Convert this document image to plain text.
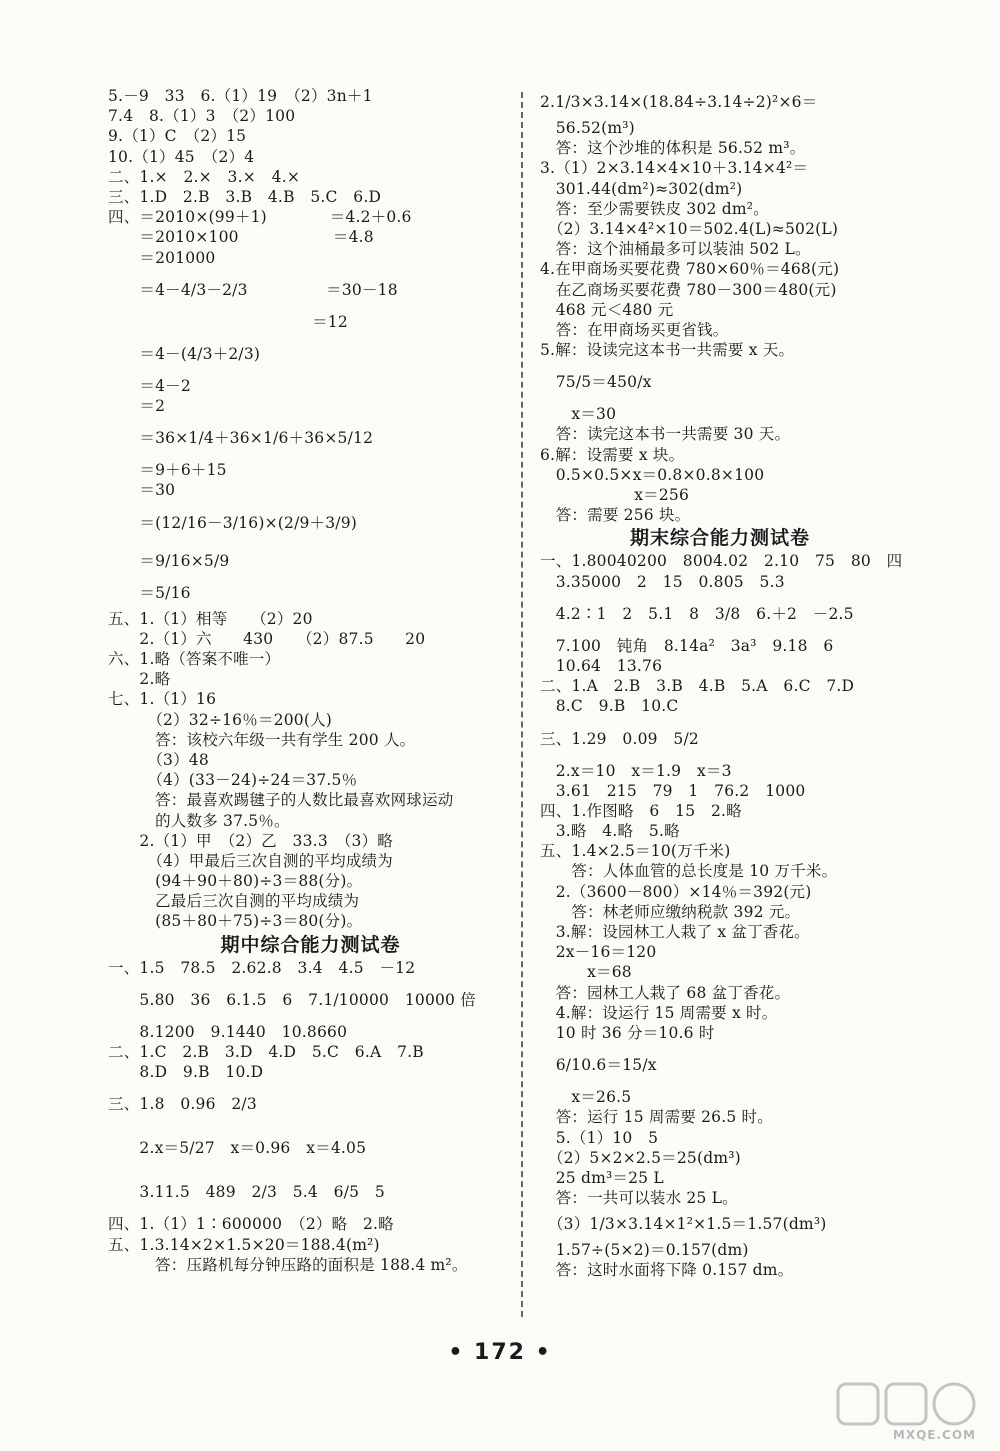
5.－9　33　6.（1）19　（2）3n＋1
7.4　8.（1）3　（2）100
9.（1）C　（2）15
10.（1）45　（2）4
二、1.×　2.×　3.×　4.×
三、1.D　2.B　3.B　4.B　5.C　6.D
四、＝2010×(99＋1)　　　　＝4.2＋0.6
　　＝2010×100　　　　　　＝4.8
　　＝201000
　　＝4－4/3－2/3　　　　　＝30－18
　　　　　　　　　　　　　＝12
　　＝4－(4/3＋2/3)
　　＝4－2
　　＝2
　　＝36×1/4＋36×1/6＋36×5/12
　　＝9＋6＋15
　　＝30
　　＝(12/16－3/16)×(2/9＋3/9)
　　＝9/16×5/9
　　＝5/16
五、1.（1）相等　　（2）20
　　2.（1）六　　430　　（2）87.5　　20
六、1.略（答案不唯一）
　　2.略
七、1.（1）16
　　　（2）32÷16％＝200(人)
　　　答：该校六年级一共有学生 200 人。
　　　（3）48
　　　（4）(33－24)÷24＝37.5％
　　　答：最喜欢踢毽子的人数比最喜欢网球运动
　　　的人数多 37.5％。
　　2.（1）甲　（2）乙　33.3　（3）略
　　　（4）甲最后三次自测的平均成绩为
　　　(94＋90＋80)÷3＝88(分)。
　　　乙最后三次自测的平均成绩为
　　　(85＋80＋75)÷3＝80(分)。
期中综合能力测试卷
一、1.5　78.5　2.62.8　3.4　4.5　－12
　　5.80　36　6.1.5　6　7.1/10000　10000 倍
　　8.1200　9.1440　10.8660
二、1.C　2.B　3.D　4.D　5.C　6.A　7.B
　　8.D　9.B　10.D
三、1.8　0.96　2/3
　　2.x＝5/27　x＝0.96　x＝4.05
　　3.11.5　489　2/3　5.4　6/5　5
四、1.（1）1∶600000　（2）略　2.略
五、1.3.14×2×1.5×20＝188.4(m²)
　　　答：压路机每分钟压路的面积是 188.4 m²。
2.1/3×3.14×(18.84÷3.14÷2)²×6＝
　56.52(m³)
　答：这个沙堆的体积是 56.52 m³。
3.（1）2×3.14×4×10＋3.14×4²＝
　301.44(dm²)≈302(dm²)
　答：至少需要铁皮 302 dm²。
　（2）3.14×4²×10＝502.4(L)≈502(L)
　答：这个油桶最多可以装油 502 L。
4.在甲商场买要花费 780×60％＝468(元)
　在乙商场买要花费 780－300＝480(元)
　468 元＜480 元
　答：在甲商场买更省钱。
5.解：设读完这本书一共需要 x 天。
　75/5＝450/x
　　x＝30
　答：读完这本书一共需要 30 天。
6.解：设需要 x 块。
　0.5×0.5×x＝0.8×0.8×100
　　　　　　x＝256
　答：需要 256 块。
期末综合能力测试卷
一、1.80040200　8004.02　2.10　75　80　四
　3.35000　2　15　0.805　5.3
　4.2∶1　2　5.1　8　3/8　6.＋2　－2.5
　7.100　钝角　8.14a²　3a³　9.18　6
　10.64　13.76
二、1.A　2.B　3.B　4.B　5.A　6.C　7.D
　8.C　9.B　10.C
三、1.29　0.09　5/2
　2.x＝10　x＝1.9　x＝3
　3.61　215　79　1　76.2　1000
四、1.作图略　6　15　2.略
　3.略　4.略　5.略
五、1.4×2.5＝10(万千米)
　　答：人体血管的总长度是 10 万千米。
　2.（3600－800）×14％＝392(元)
　　答：林老师应缴纳税款 392 元。
　3.解：设园林工人栽了 x 盆丁香花。
　2x－16＝120
　　　x＝68
　答：园林工人栽了 68 盆丁香花。
　4.解：设运行 15 周需要 x 时。
　10 时 36 分＝10.6 时
　6/10.6＝15/x
　　x＝26.5
　答：运行 15 周需要 26.5 时。
　5.（1）10　5
　（2）5×2×2.5＝25(dm³)
　25 dm³＝25 L
　答：一共可以装水 25 L。
　（3）1/3×3.14×1²×1.5＝1.57(dm³)
　1.57÷(5×2)＝0.157(dm)
　答：这时水面将下降 0.157 dm。
• 172 •
MXQE.COM
